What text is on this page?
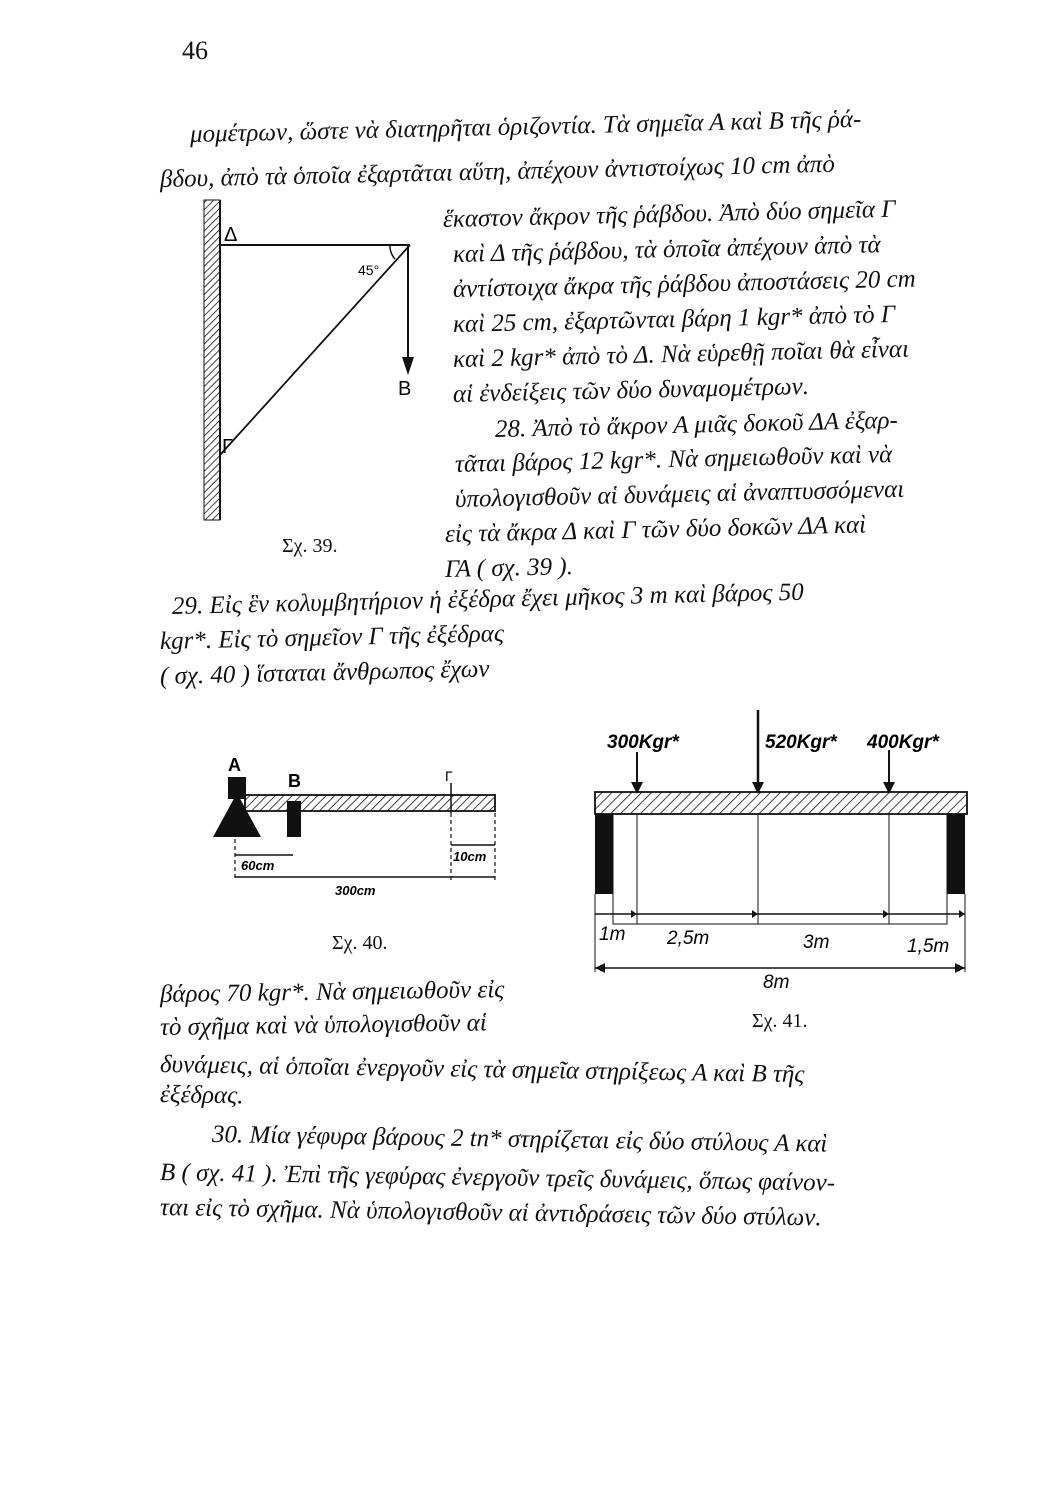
46
μομέτρων, ὥστε νὰ διατηρῆται ὁριζοντία. Τὰ σημεῖα Α καὶ Β τῆς ῥά-
βδου, ἀπὸ τὰ ὁποῖα ἐξαρτᾶται αὕτη, ἀπέχουν ἀντιστοίχως 10 cm ἀπὸ
ἕκαστον ἄκρον τῆς ῥάβδου. Ἀπὸ δύο σημεῖα Γ
καὶ Δ τῆς ῥάβδου, τὰ ὁποῖα ἀπέχουν ἀπὸ τὰ
ἀντίστοιχα ἄκρα τῆς ῥάβδου ἀποστάσεις 20 cm
καὶ 25 cm, ἐξαρτῶνται βάρη 1 kgr* ἀπὸ τὸ Γ
καὶ 2 kgr* ἀπὸ τὸ Δ. Νὰ εὑρεθῇ ποῖαι θὰ εἶναι
αἱ ἐνδείξεις τῶν δύο δυναμομέτρων.
28. Ἀπὸ τὸ ἄκρον Α μιᾶς δοκοῦ ΔΑ ἐξαρ-
τᾶται βάρος 12 kgr*. Νὰ σημειωθοῦν καὶ νὰ
ὑπολογισθοῦν αἱ δυνάμεις αἱ ἀναπτυσσόμεναι
εἰς τὰ ἄκρα Δ καὶ Γ τῶν δύο δοκῶν ΔΑ καὶ
ΓΑ ( σχ. 39 ).
Σχ. 39.
29. Εἰς ἓν κολυμβητήριον ἡ ἐξέδρα ἔχει μῆκος 3 m καὶ βάρος 50
kgr*. Εἰς τὸ σημεῖον Γ τῆς ἐξέδρας
( σχ. 40 ) ἵσταται ἄνθρωπος ἔχων
βάρος 70 kgr*. Νὰ σημειωθοῦν εἰς
τὸ σχῆμα καὶ νὰ ὑπολογισθοῦν αἱ	Σχ. 41.
δυνάμεις, αἱ ὁποῖαι ἐνεργοῦν εἰς τὰ σημεῖα στηρίξεως Α καὶ Β τῆς
ἐξέδρας.
30. Μία γέφυρα βάρους 2 tn* στηρίζεται εἰς δύο στύλους Α καὶ
Β ( σχ. 41 ). Ἐπὶ τῆς γεφύρας ἐνεργοῦν τρεῖς δυνάμεις, ὅπως φαίνον-
ται εἰς τὸ σχῆμα. Νὰ ὑπολογισθοῦν αἱ ἀντιδράσεις τῶν δύο στύλων.
Δ
45°
B
Γ
A
B	Γ
60cm
10cm
300cm
Σχ. 40.
300Kgr*	520Kgr* 400Kgr*
1m 2,5m	3m	1,5m
8m
